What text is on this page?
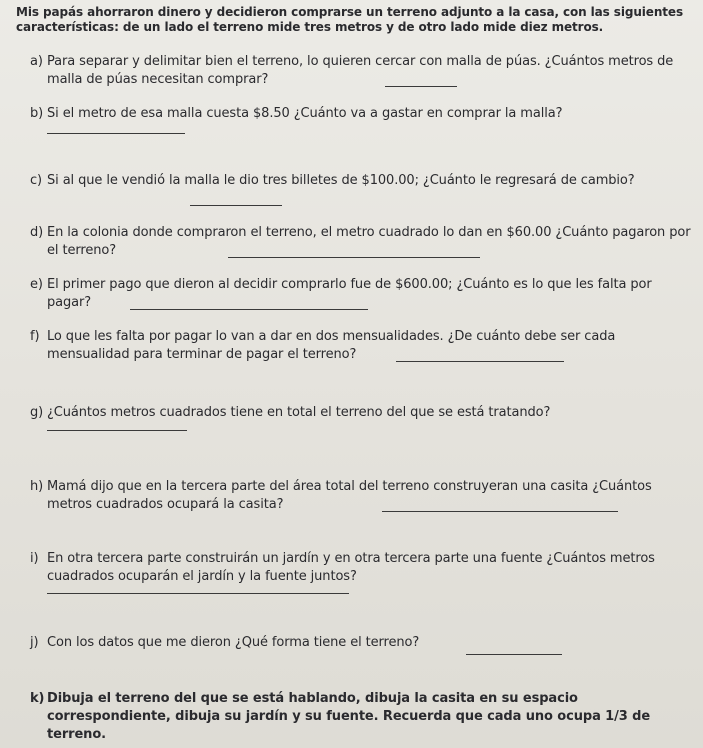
Mis papás ahorraron dinero y decidieron comprarse un terreno adjunto a la casa, con las siguientes características: de un lado el terreno mide tres metros y de otro lado mide diez metros.
a) Para separar y delimitar bien el terreno, lo quieren cercar con malla de púas. ¿Cuántos metros de malla de púas necesitan comprar?
b) Si el metro de esa malla cuesta $8.50 ¿Cuánto va a gastar en comprar la malla?
c) Si al que le vendió la malla le dio tres billetes de $100.00; ¿Cuánto le regresará de cambio?
d) En la colonia donde compraron el terreno, el metro cuadrado lo dan en $60.00 ¿Cuánto pagaron por el terreno?
e) El primer pago que dieron al decidir comprarlo fue de $600.00; ¿Cuánto es lo que les falta por pagar?
f) Lo que les falta por pagar lo van a dar en dos mensualidades. ¿De cuánto debe ser cada mensualidad para terminar de pagar el terreno?
g) ¿Cuántos metros cuadrados tiene en total el terreno del que se está tratando?
h) Mamá dijo que en la tercera parte del área total del terreno construyeran una casita ¿Cuántos metros cuadrados ocupará la casita?
i) En otra tercera parte construirán un jardín y en otra tercera parte una fuente ¿Cuántos metros cuadrados ocuparán el jardín y la fuente juntos?
j) Con los datos que me dieron ¿Qué forma tiene el terreno?
k) Dibuja el terreno del que se está hablando, dibuja la casita en su espacio correspondiente, dibuja su jardín y su fuente. Recuerda que cada uno ocupa 1/3 de terreno.
